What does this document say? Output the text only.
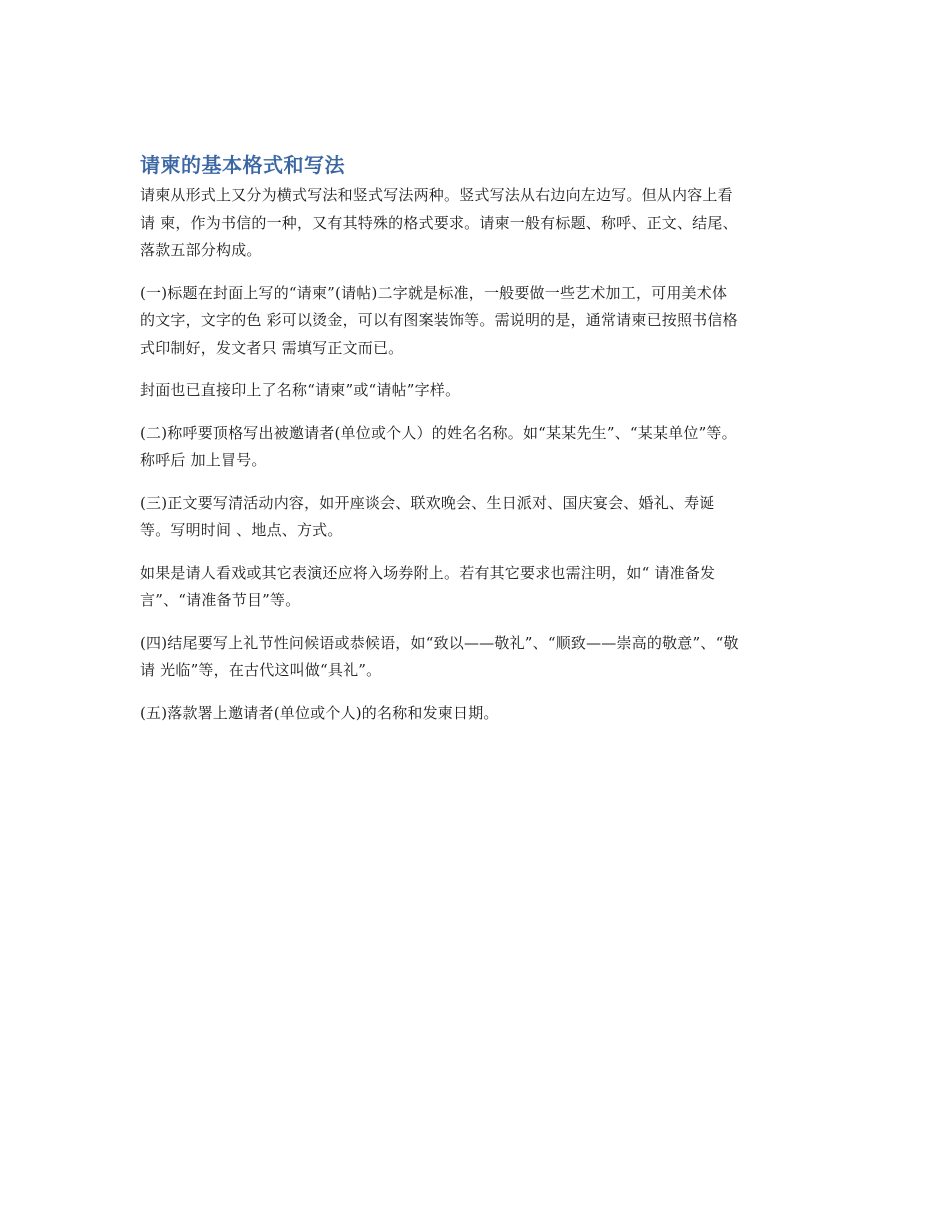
请柬的基本格式和写法

请柬从形式上又分为横式写法和竖式写法两种。竖式写法从右边向左边写。但从内容上看
请 柬，作为书信的一种，又有其特殊的格式要求。请柬一般有标题、称呼、正文、结尾、
落款五部分构成。

(一)标题在封面上写的“请柬”(请帖)二字就是标准，一般要做一些艺术加工，可用美术体
的文字，文字的色 彩可以烫金，可以有图案装饰等。需说明的是，通常请柬已按照书信格
式印制好，发文者只 需填写正文而已。

封面也已直接印上了名称“请柬”或“请帖”字样。

(二)称呼要顶格写出被邀请者(单位或个人）的姓名名称。如“某某先生”、“某某单位”等。
称呼后 加上冒号。

(三)正文要写清活动内容，如开座谈会、联欢晚会、生日派对、国庆宴会、婚礼、寿诞
等。写明时间 、地点、方式。

如果是请人看戏或其它表演还应将入场券附上。若有其它要求也需注明，如“ 请准备发
言”、“请准备节目”等。

(四)结尾要写上礼节性问候语或恭候语，如“致以——敬礼”、“顺致——崇高的敬意”、“敬
请 光临”等，在古代这叫做“具礼”。

(五)落款署上邀请者(单位或个人)的名称和发柬日期。
